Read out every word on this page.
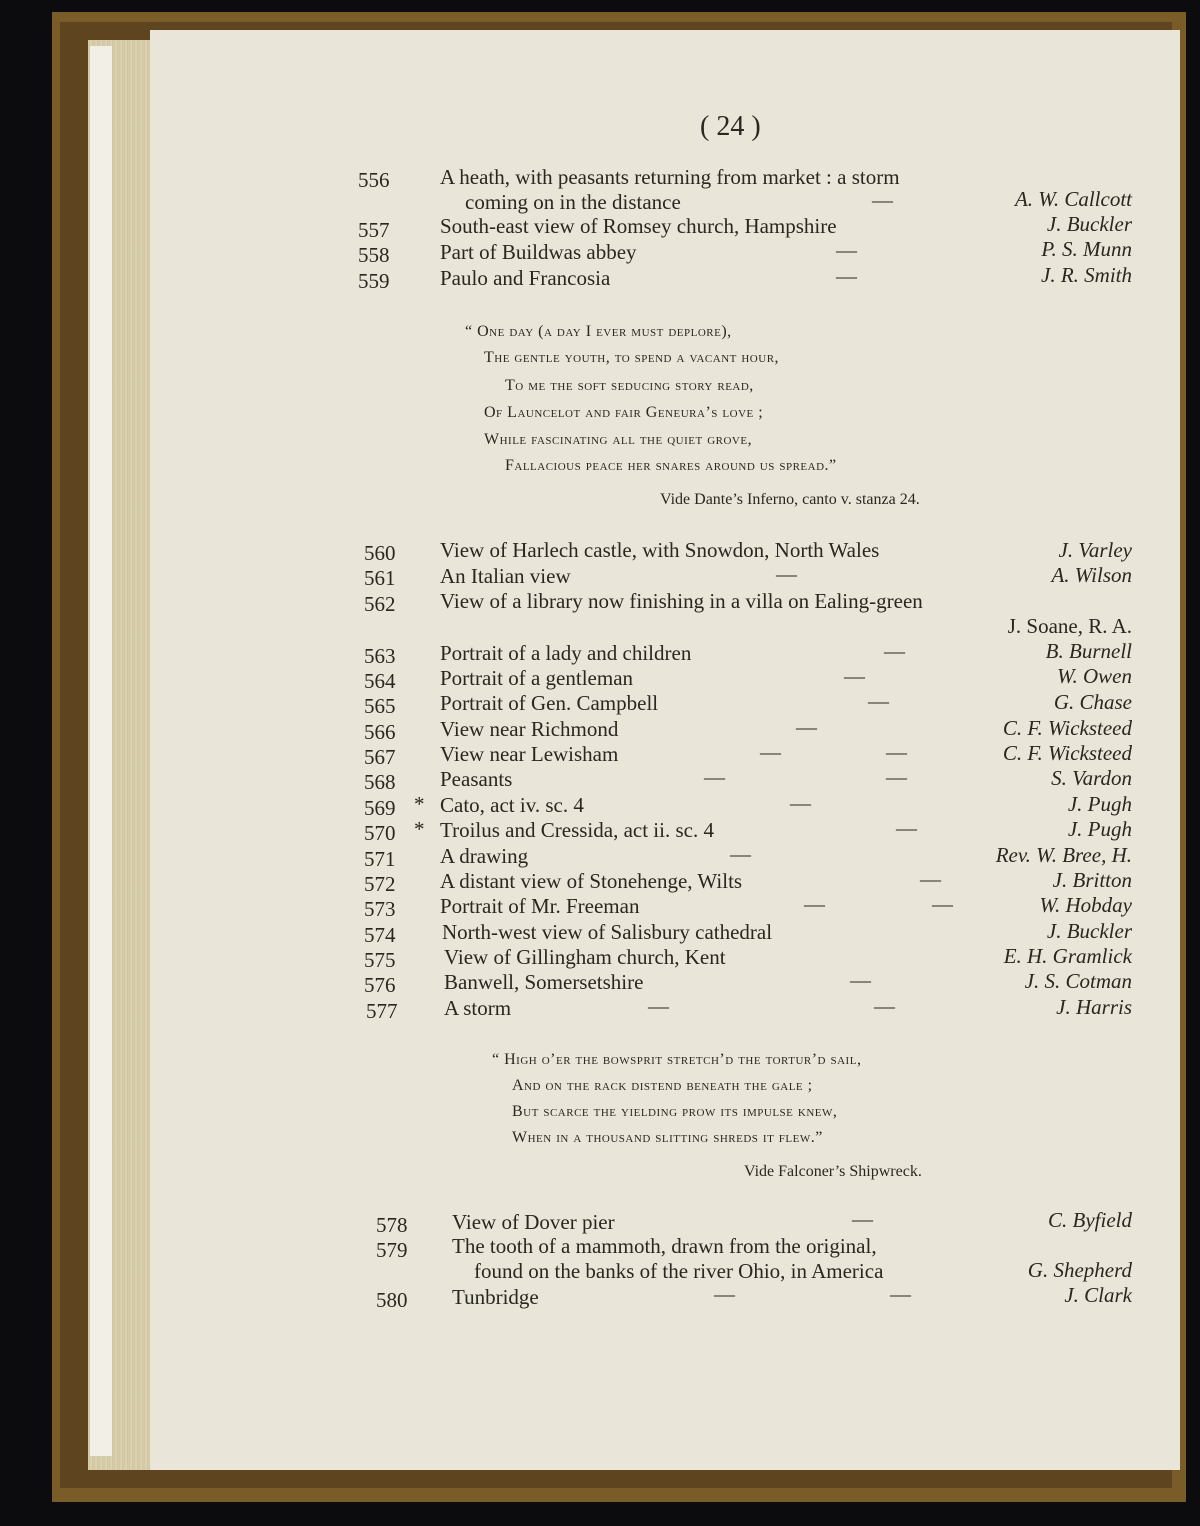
( 24 )
556 A heath, with peasants returning from market : a storm
coming on in the distance	—	A. W. Callcott
557 South-east view of Romsey church, Hampshire	J. Buckler
558 Part of Buildwas abbey	—	P. S. Munn
559 Paulo and Francosia	—	J. R. Smith
“ One day (a day I ever must deplore),
The gentle youth, to spend a vacant hour,
To me the soft seducing story read,
Of Launcelot and fair Geneura’s love ;
While fascinating all the quiet grove,
Fallacious peace her snares around us spread.”
Vide Dante’s Inferno, canto v. stanza 24.
560 View of Harlech castle, with Snowdon, North Wales	J. Varley
561 An Italian view	—	A. Wilson
562 View of a library now finishing in a villa on Ealing-green
J. Soane, R. A.
563 Portrait of a lady and children	—	B. Burnell
564 Portrait of a gentleman	—	W. Owen
565 Portrait of Gen. Campbell	—	G. Chase
566 View near Richmond	—	C. F. Wicksteed
567 View near Lewisham	—	—	C. F. Wicksteed
568 Peasants	—	—	S. Vardon
569 * Cato, act iv. sc. 4	—	J. Pugh
570 * Troilus and Cressida, act ii. sc. 4	—	J. Pugh
571 A drawing	—	Rev. W. Bree, H.
572 A distant view of Stonehenge, Wilts	—	J. Britton
573 Portrait of Mr. Freeman	—	—	W. Hobday
574 North-west view of Salisbury cathedral	J. Buckler
575 View of Gillingham church, Kent	E. H. Gramlick
576 Banwell, Somersetshire	—	J. S. Cotman
577 A storm	—	—	J. Harris
“ High o’er the bowsprit stretch’d the tortur’d sail,
And on the rack distend beneath the gale ;
But scarce the yielding prow its impulse knew,
When in a thousand slitting shreds it flew.”
Vide Falconer’s Shipwreck.
578 View of Dover pier	—	C. Byfield
579 The tooth of a mammoth, drawn from the original,
found on the banks of the river Ohio, in America	G. Shepherd
580 Tunbridge	—	—	J. Clark
